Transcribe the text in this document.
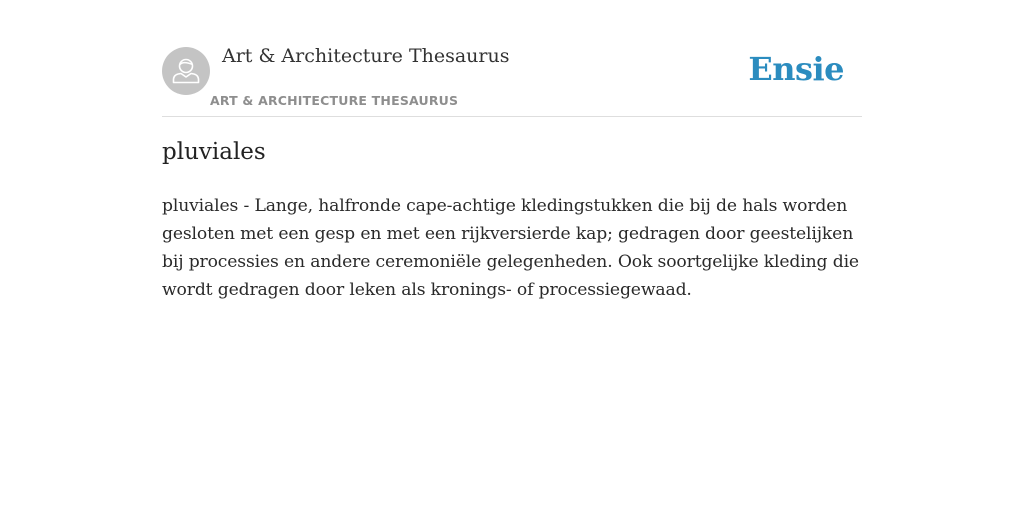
Art & Architecture Thesaurus
ART & ARCHITECTURE THESAURUS
Ensie
pluviales

pluviales - Lange, halfronde cape-achtige kledingstukken die bij de hals worden gesloten met een gesp en met een rijkversierde kap; gedragen door geestelijken bij processies en andere ceremoniële gelegenheden. Ook soortgelijke kleding die wordt gedragen door leken als kronings- of processiegewaad.
